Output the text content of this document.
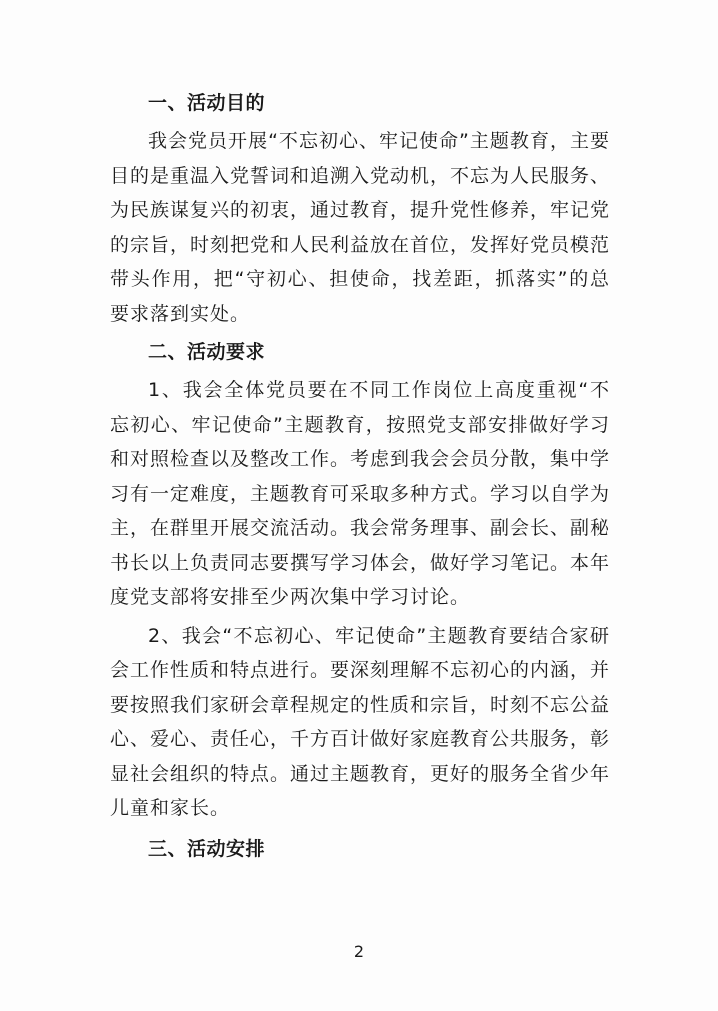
一、活动目的

我会党员开展“不忘初心、牢记使命”主题教育，主要目的是重温入党誓词和追溯入党动机，不忘为人民服务、为民族谋复兴的初衷，通过教育，提升党性修养，牢记党的宗旨，时刻把党和人民利益放在首位，发挥好党员模范带头作用，把“守初心、担使命，找差距，抓落实”的总要求落到实处。

二、活动要求

1、我会全体党员要在不同工作岗位上高度重视“不忘初心、牢记使命”主题教育，按照党支部安排做好学习和对照检查以及整改工作。考虑到我会会员分散，集中学习有一定难度，主题教育可采取多种方式。学习以自学为主，在群里开展交流活动。我会常务理事、副会长、副秘书长以上负责同志要撰写学习体会，做好学习笔记。本年度党支部将安排至少两次集中学习讨论。

2、我会“不忘初心、牢记使命”主题教育要结合家研会工作性质和特点进行。要深刻理解不忘初心的内涵，并要按照我们家研会章程规定的性质和宗旨，时刻不忘公益心、爱心、责任心，千方百计做好家庭教育公共服务，彰显社会组织的特点。通过主题教育，更好的服务全省少年儿童和家长。

三、活动安排
2
